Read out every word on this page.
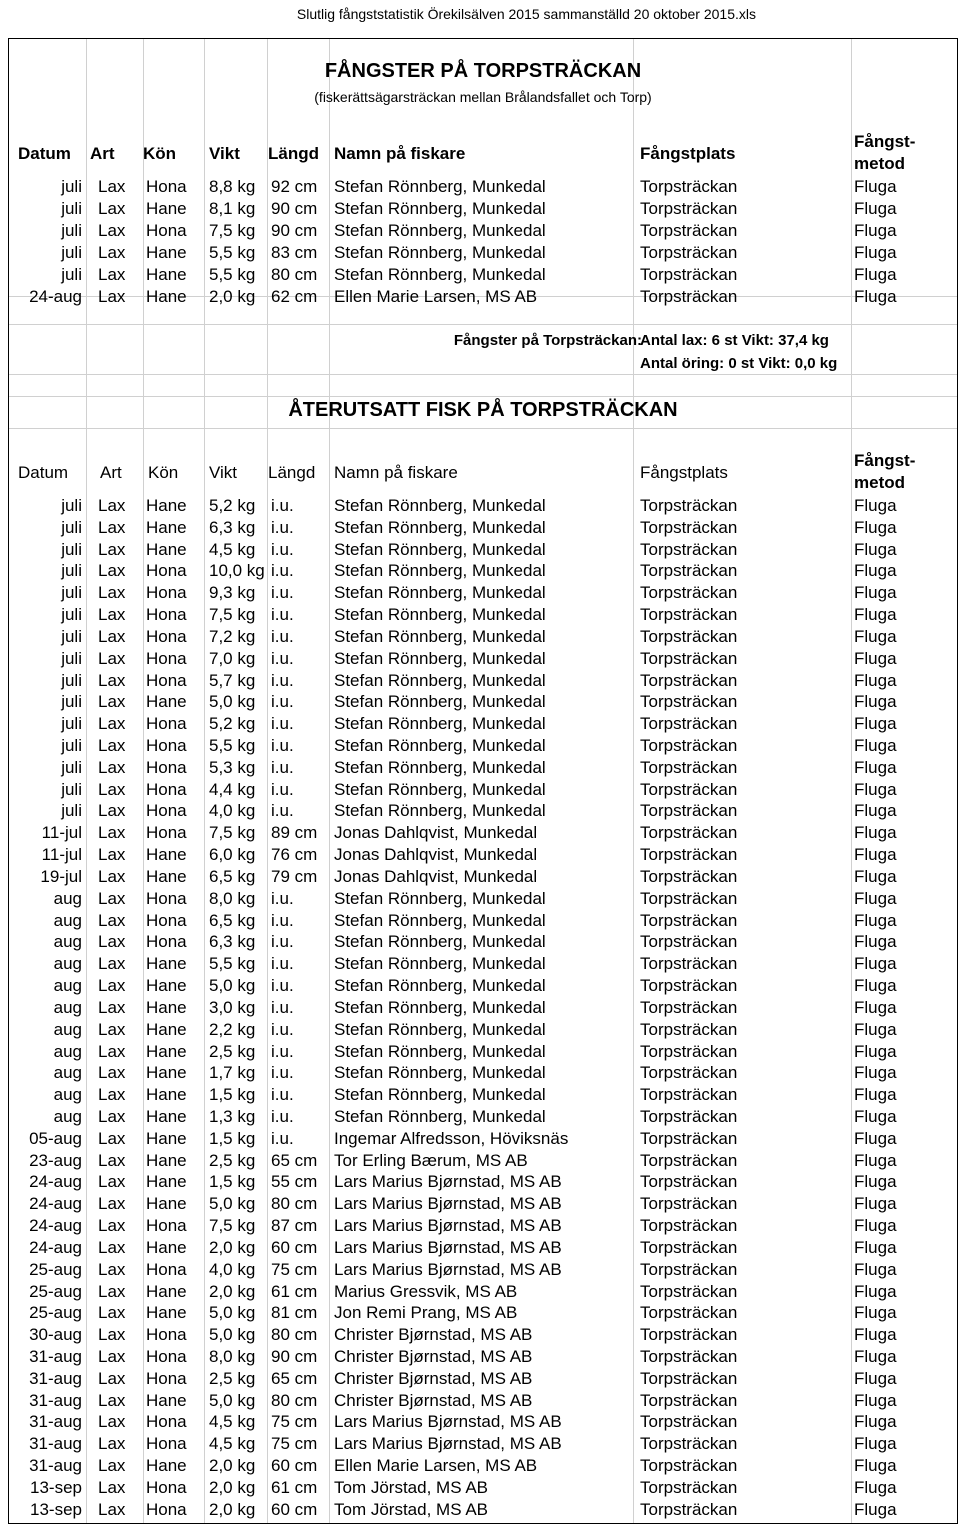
Slutlig fångststatistik Örekilsälven 2015 sammanställd 20 oktober 2015.xls
FÅNGSTER PÅ TORPSTRÄCKAN
(fiskerättsägarsträckan mellan Brålandsfallet och Torp)
Datum Art Kön Vikt Längd Namn på fiskare	Fångstplats
Fångst-
metod
juli Lax Hona 8,8 kg 92 cm Stefan Rönnberg, Munkedal	Torpsträckan	Fluga
juli Lax Hane 8,1 kg 90 cm Stefan Rönnberg, Munkedal	Torpsträckan	Fluga
juli Lax Hona 7,5 kg 90 cm Stefan Rönnberg, Munkedal	Torpsträckan	Fluga
juli Lax Hane 5,5 kg 83 cm Stefan Rönnberg, Munkedal	Torpsträckan	Fluga
juli Lax Hane 5,5 kg 80 cm Stefan Rönnberg, Munkedal	Torpsträckan	Fluga
24-aug Lax Hane 2,0 kg 62 cm Ellen Marie Larsen, MS AB	Torpsträckan	Fluga
Fångster på Torpsträckan:
Antal lax: 6 st Vikt: 37,4 kg
Antal öring: 0 st Vikt: 0,0 kg
ÅTERUTSATT FISK PÅ TORPSTRÄCKAN
Datum Art Kön Vikt Längd Namn på fiskare	Fångstplats
Fångst-
metod
juli Lax Hane 5,2 kg i.u. Stefan Rönnberg, Munkedal	Torpsträckan	Fluga
juli Lax Hane 6,3 kg i.u. Stefan Rönnberg, Munkedal	Torpsträckan	Fluga
juli Lax Hane 4,5 kg i.u. Stefan Rönnberg, Munkedal	Torpsträckan	Fluga
juli Lax Hona 10,0 kg i.u. Stefan Rönnberg, Munkedal	Torpsträckan	Fluga
juli Lax Hona 9,3 kg i.u. Stefan Rönnberg, Munkedal	Torpsträckan	Fluga
juli Lax Hona 7,5 kg i.u. Stefan Rönnberg, Munkedal	Torpsträckan	Fluga
juli Lax Hona 7,2 kg i.u. Stefan Rönnberg, Munkedal	Torpsträckan	Fluga
juli Lax Hona 7,0 kg i.u. Stefan Rönnberg, Munkedal	Torpsträckan	Fluga
juli Lax Hona 5,7 kg i.u. Stefan Rönnberg, Munkedal	Torpsträckan	Fluga
juli Lax Hane 5,0 kg i.u. Stefan Rönnberg, Munkedal	Torpsträckan	Fluga
juli Lax Hona 5,2 kg i.u. Stefan Rönnberg, Munkedal	Torpsträckan	Fluga
juli Lax Hona 5,5 kg i.u. Stefan Rönnberg, Munkedal	Torpsträckan	Fluga
juli Lax Hona 5,3 kg i.u. Stefan Rönnberg, Munkedal	Torpsträckan	Fluga
juli Lax Hona 4,4 kg i.u. Stefan Rönnberg, Munkedal	Torpsträckan	Fluga
juli Lax Hona 4,0 kg i.u. Stefan Rönnberg, Munkedal	Torpsträckan	Fluga
11-jul Lax Hona 7,5 kg 89 cm Jonas Dahlqvist, Munkedal	Torpsträckan	Fluga
11-jul Lax Hane 6,0 kg 76 cm Jonas Dahlqvist, Munkedal	Torpsträckan	Fluga
19-jul Lax Hane 6,5 kg 79 cm Jonas Dahlqvist, Munkedal	Torpsträckan	Fluga
aug Lax Hona 8,0 kg i.u. Stefan Rönnberg, Munkedal	Torpsträckan	Fluga
aug Lax Hona 6,5 kg i.u. Stefan Rönnberg, Munkedal	Torpsträckan	Fluga
aug Lax Hona 6,3 kg i.u. Stefan Rönnberg, Munkedal	Torpsträckan	Fluga
aug Lax Hane 5,5 kg i.u. Stefan Rönnberg, Munkedal	Torpsträckan	Fluga
aug Lax Hane 5,0 kg i.u. Stefan Rönnberg, Munkedal	Torpsträckan	Fluga
aug Lax Hane 3,0 kg i.u. Stefan Rönnberg, Munkedal	Torpsträckan	Fluga
aug Lax Hane 2,2 kg i.u. Stefan Rönnberg, Munkedal	Torpsträckan	Fluga
aug Lax Hane 2,5 kg i.u. Stefan Rönnberg, Munkedal	Torpsträckan	Fluga
aug Lax Hane 1,7 kg i.u. Stefan Rönnberg, Munkedal	Torpsträckan	Fluga
aug Lax Hane 1,5 kg i.u. Stefan Rönnberg, Munkedal	Torpsträckan	Fluga
aug Lax Hane 1,3 kg i.u. Stefan Rönnberg, Munkedal	Torpsträckan	Fluga
05-aug Lax Hane 1,5 kg i.u. Ingemar Alfredsson, Höviksnäs	Torpsträckan	Fluga
23-aug Lax Hane 2,5 kg 65 cm Tor Erling Bærum, MS AB	Torpsträckan	Fluga
24-aug Lax Hane 1,5 kg 55 cm Lars Marius Bjørnstad, MS AB	Torpsträckan	Fluga
24-aug Lax Hane 5,0 kg 80 cm Lars Marius Bjørnstad, MS AB	Torpsträckan	Fluga
24-aug Lax Hona 7,5 kg 87 cm Lars Marius Bjørnstad, MS AB	Torpsträckan	Fluga
24-aug Lax Hane 2,0 kg 60 cm Lars Marius Bjørnstad, MS AB	Torpsträckan	Fluga
25-aug Lax Hona 4,0 kg 75 cm Lars Marius Bjørnstad, MS AB	Torpsträckan	Fluga
25-aug Lax Hane 2,0 kg 61 cm Marius Gressvik, MS AB	Torpsträckan	Fluga
25-aug Lax Hane 5,0 kg 81 cm Jon Remi Prang, MS AB	Torpsträckan	Fluga
30-aug Lax Hona 5,0 kg 80 cm Christer Bjørnstad, MS AB	Torpsträckan	Fluga
31-aug Lax Hona 8,0 kg 90 cm Christer Bjørnstad, MS AB	Torpsträckan	Fluga
31-aug Lax Hona 2,5 kg 65 cm Christer Bjørnstad, MS AB	Torpsträckan	Fluga
31-aug Lax Hane 5,0 kg 80 cm Christer Bjørnstad, MS AB	Torpsträckan	Fluga
31-aug Lax Hona 4,5 kg 75 cm Lars Marius Bjørnstad, MS AB	Torpsträckan	Fluga
31-aug Lax Hona 4,5 kg 75 cm Lars Marius Bjørnstad, MS AB	Torpsträckan	Fluga
31-aug Lax Hane 2,0 kg 60 cm Ellen Marie Larsen, MS AB	Torpsträckan	Fluga
13-sep Lax Hona 2,0 kg 61 cm Tom Jörstad, MS AB	Torpsträckan	Fluga
13-sep Lax Hona 2,0 kg 60 cm Tom Jörstad, MS AB	Torpsträckan	Fluga
